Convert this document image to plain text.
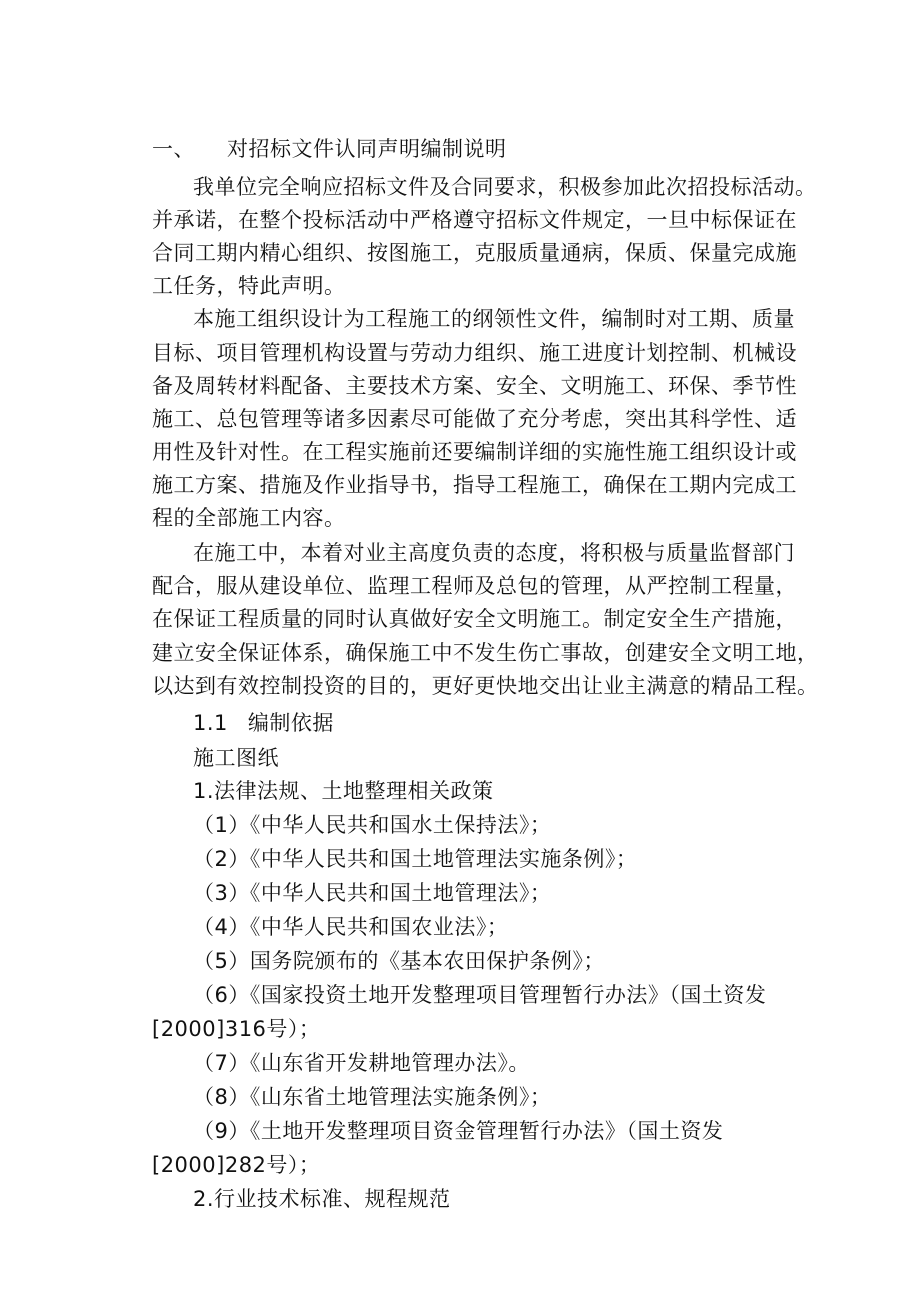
一、 对招标文件认同声明编制说明
我单位完全响应招标文件及合同要求，积极参加此次招投标活动。
并承诺，在整个投标活动中严格遵守招标文件规定，一旦中标保证在
合同工期内精心组织、按图施工，克服质量通病，保质、保量完成施
工任务，特此声明。
本施工组织设计为工程施工的纲领性文件，编制时对工期、质量
目标、项目管理机构设置与劳动力组织、施工进度计划控制、机械设
备及周转材料配备、主要技术方案、安全、文明施工、环保、季节性
施工、总包管理等诸多因素尽可能做了充分考虑，突出其科学性、适
用性及针对性。在工程实施前还要编制详细的实施性施工组织设计或
施工方案、措施及作业指导书，指导工程施工，确保在工期内完成工
程的全部施工内容。
在施工中，本着对业主高度负责的态度，将积极与质量监督部门
配合，服从建设单位、监理工程师及总包的管理，从严控制工程量，
在保证工程质量的同时认真做好安全文明施工。制定安全生产措施，
建立安全保证体系，确保施工中不发生伤亡事故，创建安全文明工地，
以达到有效控制投资的目的，更好更快地交出让业主满意的精品工程。
1.1 编制依据
施工图纸
1.法律法规、土地整理相关政策
（1）《中华人民共和国水土保持法》；
（2）《中华人民共和国土地管理法实施条例》；
（3）《中华人民共和国土地管理法》；
（4）《中华人民共和国农业法》；
（5）国务院颁布的《基本农田保护条例》；
（6）《国家投资土地开发整理项目管理暂行办法》（国土资发
[2000]316号）；
（7）《山东省开发耕地管理办法》。
（8）《山东省土地管理法实施条例》；
（9）《土地开发整理项目资金管理暂行办法》（国土资发
[2000]282号）；
2.行业技术标准、规程规范
